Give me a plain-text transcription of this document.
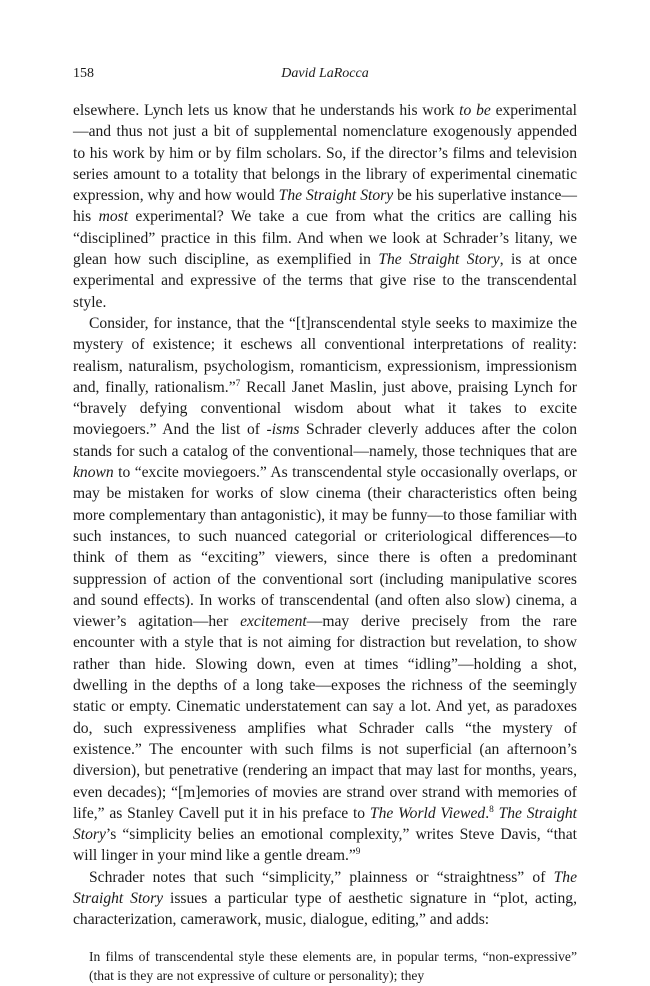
158	David LaRocca

elsewhere. Lynch lets us know that he understands his work to be experimental—and thus not just a bit of supplemental nomenclature exogenously appended to his work by him or by film scholars. So, if the director’s films and television series amount to a totality that belongs in the library of experimental cinematic expression, why and how would The Straight Story be his superlative instance—his most experimental? We take a cue from what the critics are calling his “disciplined” practice in this film. And when we look at Schrader’s litany, we glean how such discipline, as exemplified in The Straight Story, is at once experimental and expressive of the terms that give rise to the transcendental style.

Consider, for instance, that the “[t]ranscendental style seeks to maximize the mystery of existence; it eschews all conventional interpretations of reality: realism, naturalism, psychologism, romanticism, expressionism, impressionism and, finally, rationalism.”$^7$ Recall Janet Maslin, just above, praising Lynch for “bravely defying conventional wisdom about what it takes to excite moviegoers.” And the list of -isms Schrader cleverly adduces after the colon stands for such a catalog of the conventional—namely, those techniques that are known to “excite moviegoers.” As transcendental style occasionally overlaps, or may be mistaken for works of slow cinema (their characteristics often being more complementary than antagonistic), it may be funny—to those familiar with such instances, to such nuanced categorial or criteriological differences—to think of them as “exciting” viewers, since there is often a predominant suppression of action of the conventional sort (including manipulative scores and sound effects). In works of transcendental (and often also slow) cinema, a viewer’s agitation—her excitement—may derive precisely from the rare encounter with a style that is not aiming for distraction but revelation, to show rather than hide. Slowing down, even at times “idling”—holding a shot, dwelling in the depths of a long take—exposes the richness of the seemingly static or empty. Cinematic understatement can say a lot. And yet, as paradoxes do, such expressiveness amplifies what Schrader calls “the mystery of existence.” The encounter with such films is not superficial (an afternoon’s diversion), but penetrative (rendering an impact that may last for months, years, even decades); “[m]emories of movies are strand over strand with memories of life,” as Stanley Cavell put it in his preface to The World Viewed.$^8$ The Straight Story’s “simplicity belies an emotional complexity,” writes Steve Davis, “that will linger in your mind like a gentle dream.”$^9$

Schrader notes that such “simplicity,” plainness or “straightness” of The Straight Story issues a particular type of aesthetic signature in “plot, acting, characterization, camerawork, music, dialogue, editing,” and adds:

In films of transcendental style these elements are, in popular terms, “non-expressive” (that is they are not expressive of culture or personality); they
